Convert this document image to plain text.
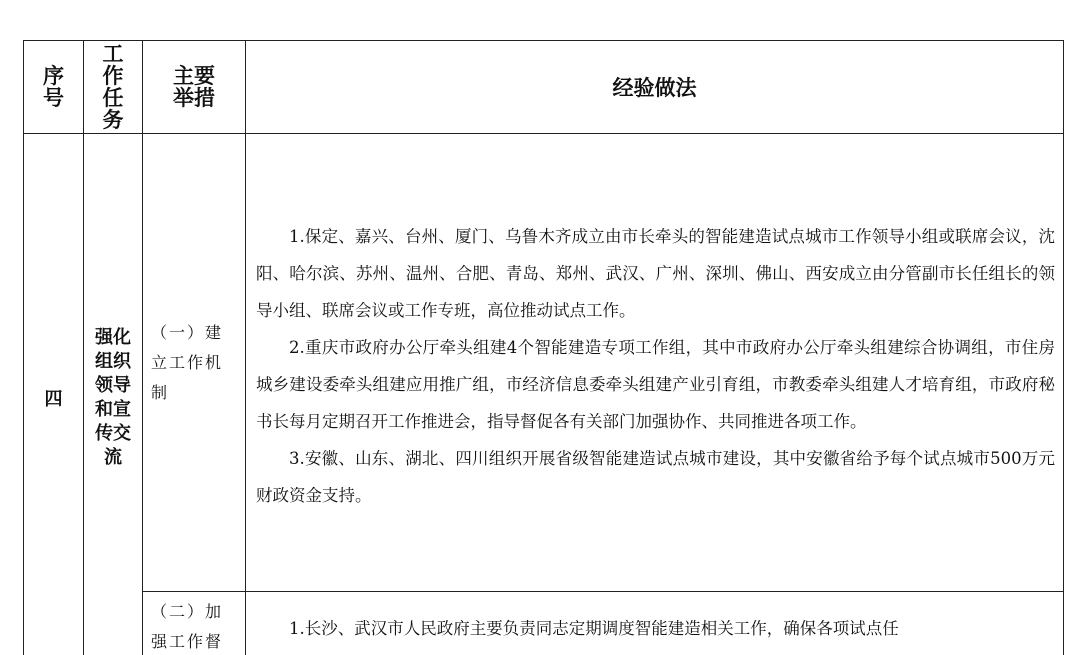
序号	工作任务	主要举措	经验做法

四	强化组织领导和宣传交流	（一）建立工作机制	1.保定、嘉兴、台州、厦门、乌鲁木齐成立由市长牵头的智能建造试点城市工作领导小组或联席会议，沈阳、哈尔滨、苏州、温州、合肥、青岛、郑州、武汉、广州、深圳、佛山、西安成立由分管副市长任组长的领导小组、联席会议或工作专班，高位推动试点工作。

2.重庆市政府办公厅牵头组建4个智能建造专项工作组，其中市政府办公厅牵头组建综合协调组，市住房城乡建设委牵头组建应用推广组，市经济信息委牵头组建产业引育组，市教委牵头组建人才培育组，市政府秘书长每月定期召开工作推进会，指导督促各有关部门加强协作、共同推进各项工作。

3.安徽、山东、湖北、四川组织开展省级智能建造试点城市建设，其中安徽省给予每个试点城市500万元财政资金支持。

		（二）加强工作督	1.长沙、武汉市人民政府主要负责同志定期调度智能建造相关工作，确保各项试点任
